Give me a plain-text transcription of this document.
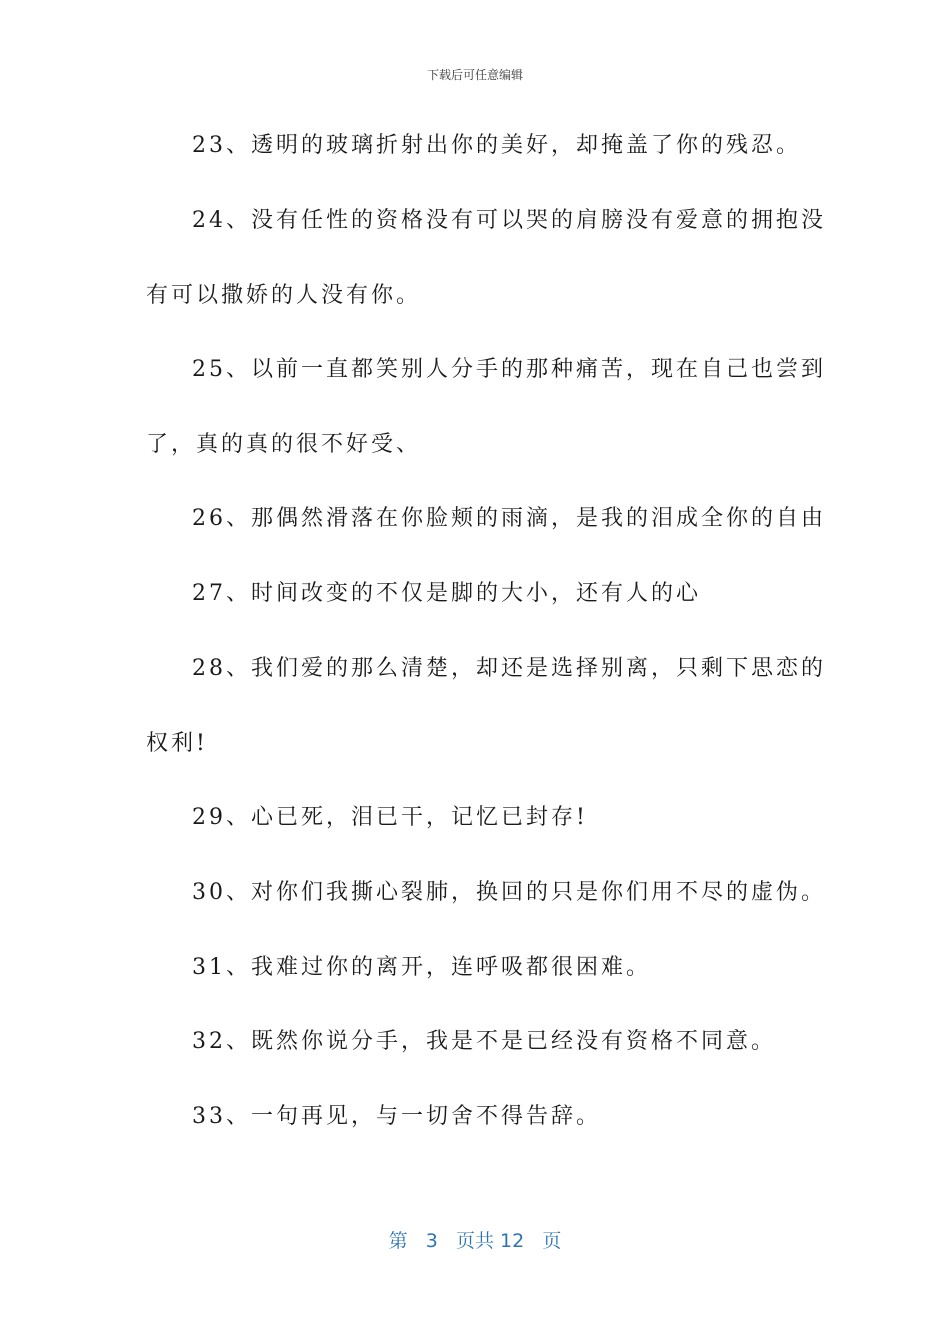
下载后可任意编辑
23、透明的玻璃折射出你的美好，却掩盖了你的残忍。
24、没有任性的资格没有可以哭的肩膀没有爱意的拥抱没
有可以撒娇的人没有你。
25、以前一直都笑别人分手的那种痛苦，现在自己也尝到
了，真的真的很不好受、
26、那偶然滑落在你脸颊的雨滴，是我的泪成全你的自由
27、时间改变的不仅是脚的大小，还有人的心
28、我们爱的那么清楚，却还是选择别离，只剩下思恋的
权利!
29、心已死，泪已干，记忆已封存!
30、对你们我撕心裂肺，换回的只是你们用不尽的虚伪。
31、我难过你的离开，连呼吸都很困难。
32、既然你说分手，我是不是已经没有资格不同意。
33、一句再见，与一切舍不得告辞。
第 3 页共 12 页
